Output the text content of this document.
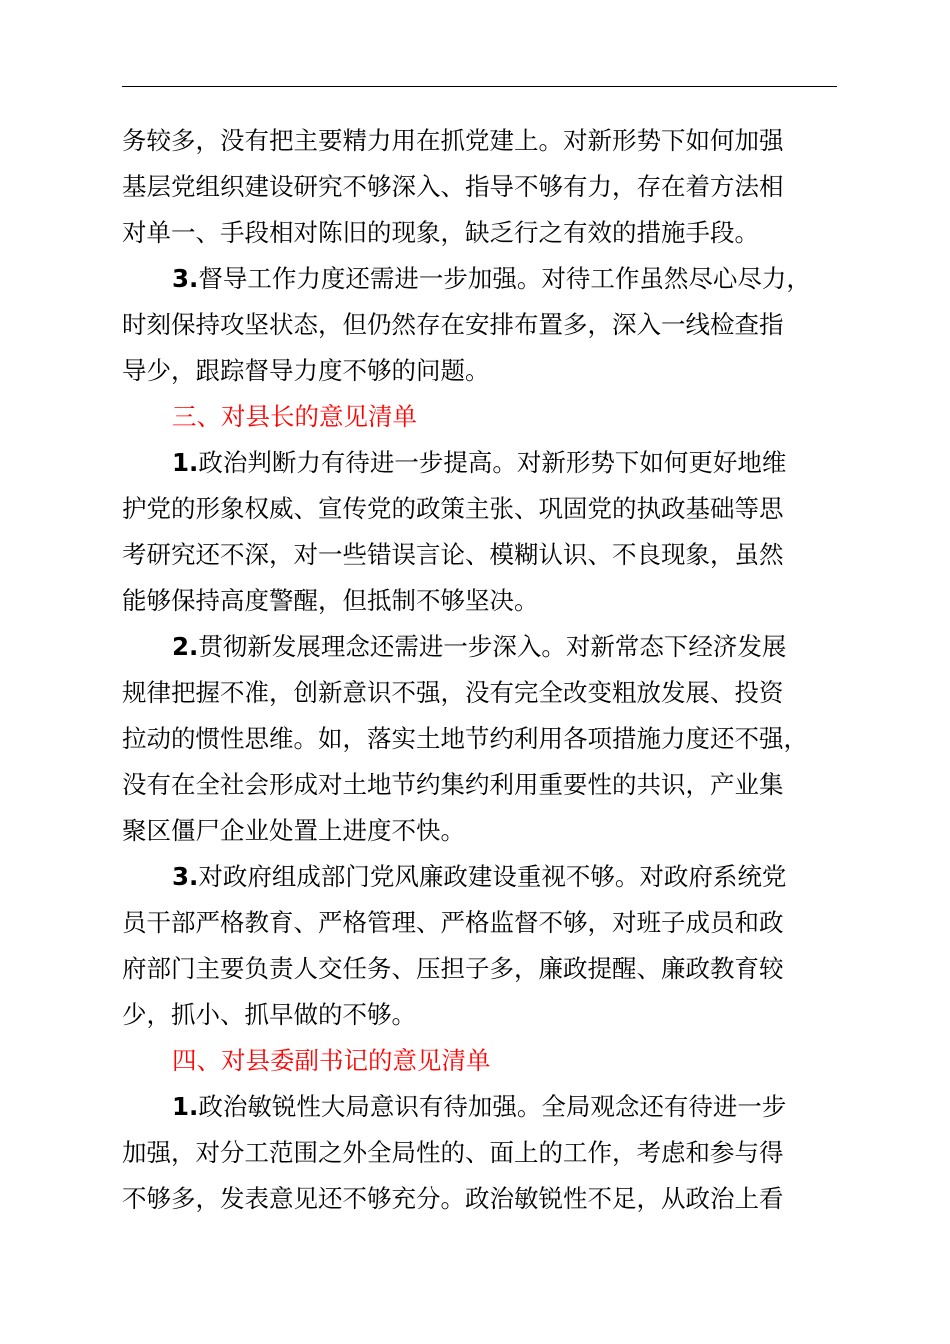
务较多，没有把主要精力用在抓党建上。对新形势下如何加强
基层党组织建设研究不够深入、指导不够有力，存在着方法相
对单一、手段相对陈旧的现象，缺乏行之有效的措施手段。
3.督导工作力度还需进一步加强。对待工作虽然尽心尽力，
时刻保持攻坚状态，但仍然存在安排布置多，深入一线检查指
导少，跟踪督导力度不够的问题。
三、对县长的意见清单
1.政治判断力有待进一步提高。对新形势下如何更好地维
护党的形象权威、宣传党的政策主张、巩固党的执政基础等思
考研究还不深，对一些错误言论、模糊认识、不良现象，虽然
能够保持高度警醒，但抵制不够坚决。
2.贯彻新发展理念还需进一步深入。对新常态下经济发展
规律把握不准，创新意识不强，没有完全改变粗放发展、投资
拉动的惯性思维。如，落实土地节约利用各项措施力度还不强，
没有在全社会形成对土地节约集约利用重要性的共识，产业集
聚区僵尸企业处置上进度不快。
3.对政府组成部门党风廉政建设重视不够。对政府系统党
员干部严格教育、严格管理、严格监督不够，对班子成员和政
府部门主要负责人交任务、压担子多，廉政提醒、廉政教育较
少，抓小、抓早做的不够。
四、对县委副书记的意见清单
1.政治敏锐性大局意识有待加强。全局观念还有待进一步
加强，对分工范围之外全局性的、面上的工作，考虑和参与得
不够多，发表意见还不够充分。政治敏锐性不足，从政治上看
